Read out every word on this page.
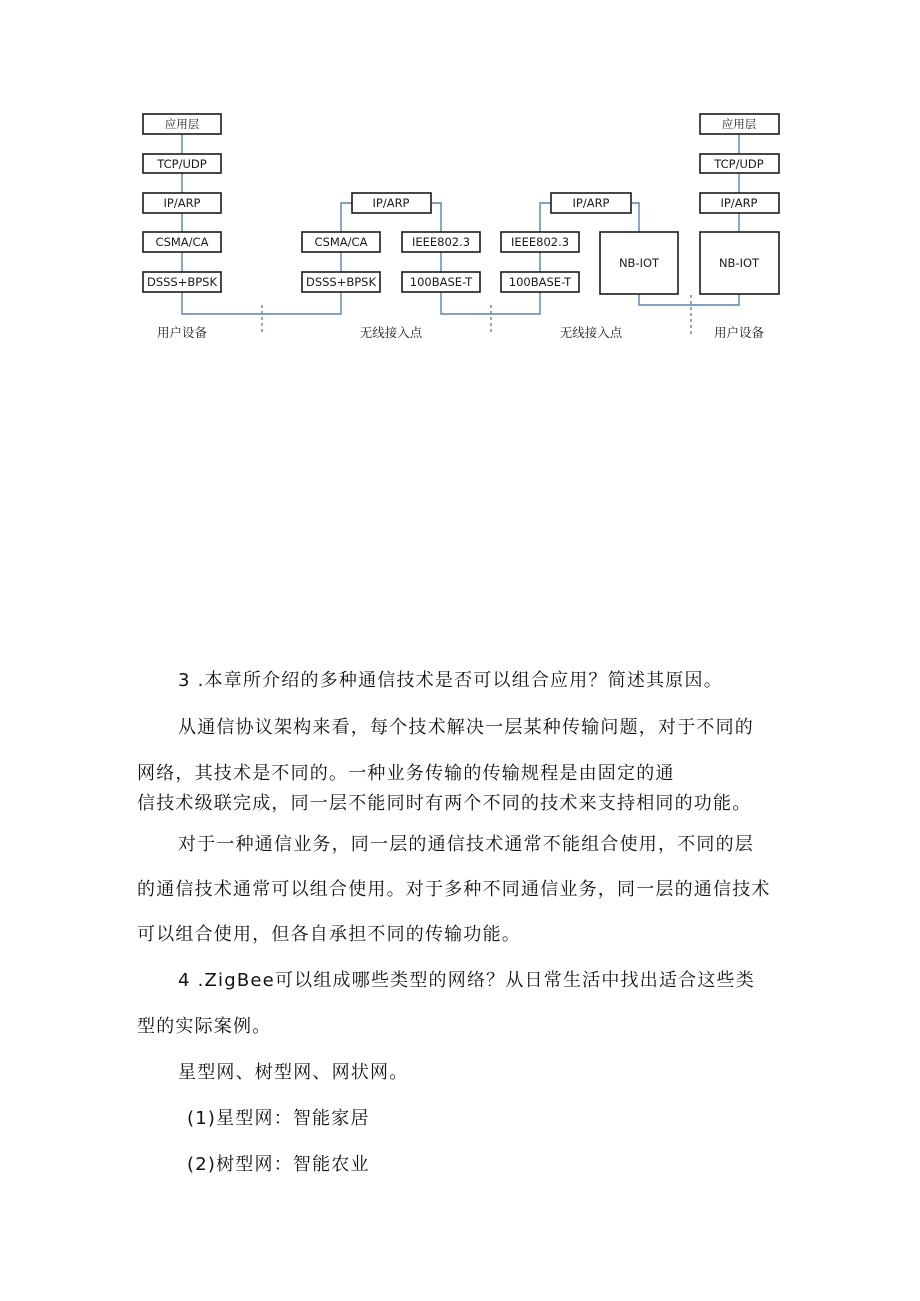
应用层
TCP/UDP
IP/ARP
CSMA/CA
DSSS+BPSK
用户设备
IP/ARP
CSMA/CA
DSSS+BPSK
IEEE802.3
100BASE-T
无线接入点
IP/ARP
IEEE802.3
100BASE-T
NB-IOT
无线接入点
应用层
TCP/UDP
IP/ARP
NB-IOT
用户设备

3 .本章所介绍的多种通信技术是否可以组合应用？简述其原因。

从通信协议架构来看，每个技术解决一层某种传输问题，对于不同的

网络，其技术是不同的。一种业务传输的传输规程是由固定的通

信技术级联完成，同一层不能同时有两个不同的技术来支持相同的功能。

对于一种通信业务，同一层的通信技术通常不能组合使用，不同的层

的通信技术通常可以组合使用。对于多种不同通信业务，同一层的通信技术

可以组合使用，但各自承担不同的传输功能。

4 .ZigBee可以组成哪些类型的网络？从日常生活中找出适合这些类

型的实际案例。

星型网、树型网、网状网。

(1)星型网：智能家居

(2)树型网：智能农业
